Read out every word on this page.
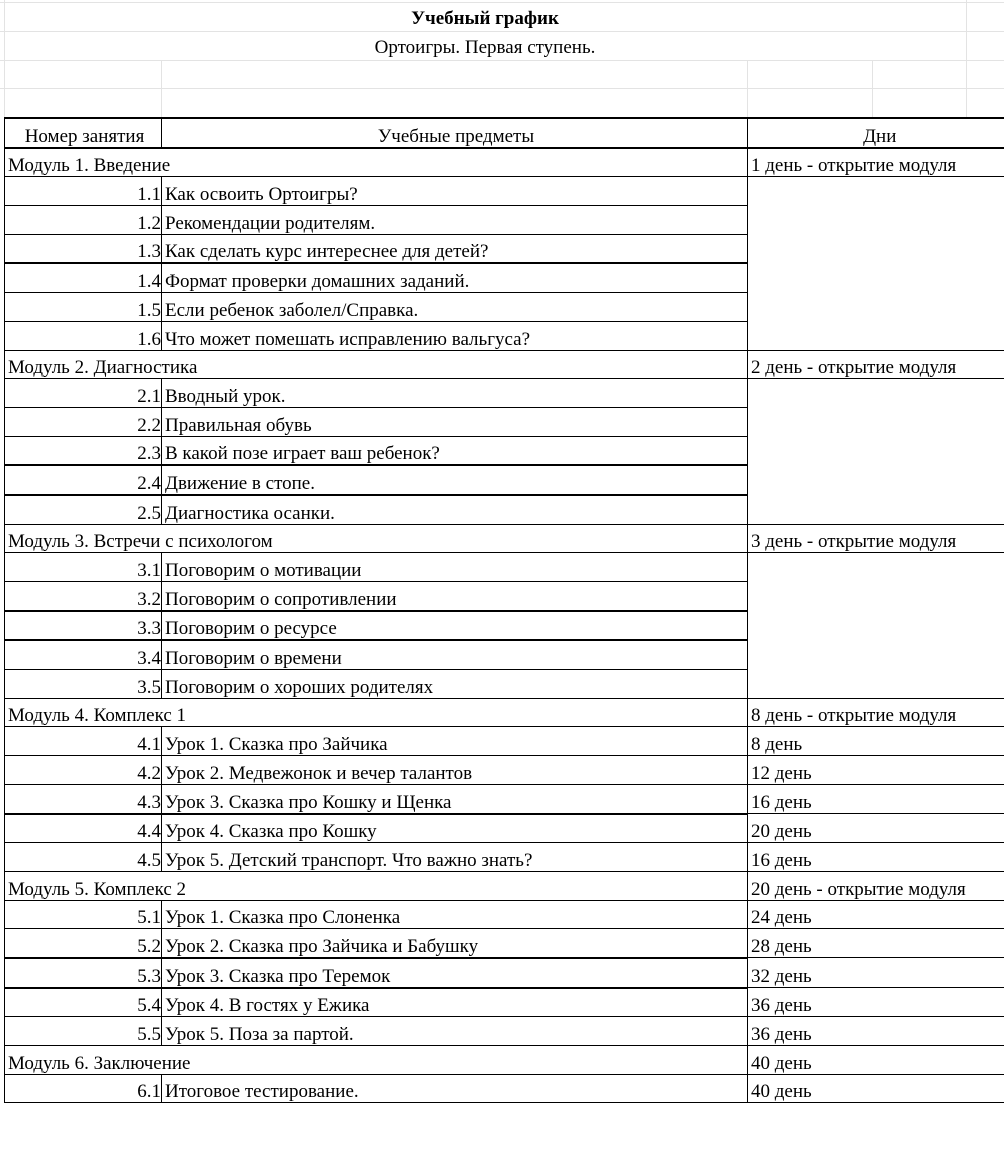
Учебный график
Ортоигры. Первая ступень.
Номер занятия	Учебные предметы	Дни
Модуль 1. Введение		1 день - открытие модуля
1.1	Как освоить Ортоигры?	
1.2	Рекомендации родителям.	
1.3	Как сделать курс интереснее для детей?	
1.4	Формат проверки домашних заданий.	
1.5	Если ребенок заболел/Справка.	
1.6	Что может помешать исправлению вальгуса?	
Модуль 2. Диагностика		2 день - открытие модуля
2.1	Вводный урок.	
2.2	Правильная обувь	
2.3	В какой позе играет ваш ребенок?	
2.4	Движение в стопе.	
2.5	Диагностика осанки.	
Модуль 3. Встречи с психологом		3 день - открытие модуля
3.1	Поговорим о мотивации	
3.2	Поговорим о сопротивлении	
3.3	Поговорим о ресурсе	
3.4	Поговорим о времени	
3.5	Поговорим о хороших родителях	
Модуль 4. Комплекс 1		8 день - открытие модуля
4.1	Урок 1. Сказка про Зайчика	8 день
4.2	Урок 2. Медвежонок и вечер талантов	12 день
4.3	Урок 3. Сказка про Кошку и Щенка	16 день
4.4	Урок 4. Сказка про Кошку	20 день
4.5	Урок 5. Детский транспорт. Что важно знать?	16 день
Модуль 5. Комплекс 2		20 день - открытие модуля
5.1	Урок 1. Сказка про Слоненка	24 день
5.2	Урок 2. Сказка про Зайчика и Бабушку	28 день
5.3	Урок 3. Сказка про Теремок	32 день
5.4	Урок 4. В гостях у Ежика	36 день
5.5	Урок 5. Поза за партой.	36 день
Модуль 6. Заключение		40 день
6.1	Итоговое тестирование.	40 день
